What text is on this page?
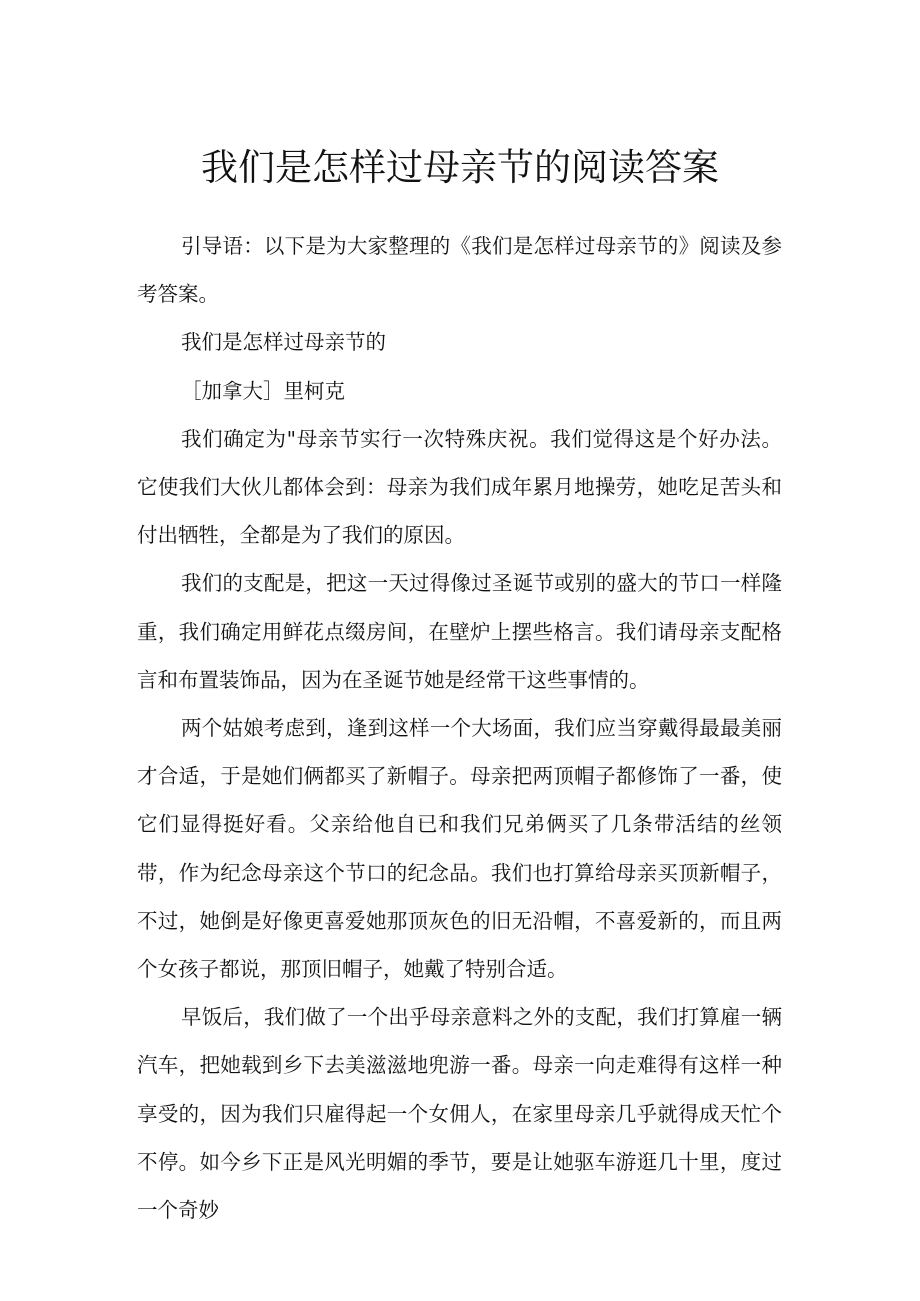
我们是怎样过母亲节的阅读答案

引导语：以下是为大家整理的《我们是怎样过母亲节的》阅读及参考答案。

我们是怎样过母亲节的

［加拿大］里柯克

我们确定为"母亲节实行一次特殊庆祝。我们觉得这是个好办法。它使我们大伙儿都体会到：母亲为我们成年累月地操劳，她吃足苦头和付出牺牲，全都是为了我们的原因。

我们的支配是，把这一天过得像过圣诞节或别的盛大的节口一样隆重，我们确定用鲜花点缀房间，在壁炉上摆些格言。我们请母亲支配格言和布置装饰品，因为在圣诞节她是经常干这些事情的。

两个姑娘考虑到，逢到这样一个大场面，我们应当穿戴得最最美丽才合适，于是她们俩都买了新帽子。母亲把两顶帽子都修饰了一番，使它们显得挺好看。父亲给他自已和我们兄弟俩买了几条带活结的丝领带，作为纪念母亲这个节口的纪念品。我们也打算给母亲买顶新帽子，不过，她倒是好像更喜爱她那顶灰色的旧无沿帽，不喜爱新的，而且两个女孩子都说，那顶旧帽子，她戴了特别合适。

早饭后，我们做了一个出乎母亲意料之外的支配，我们打算雇一辆汽车，把她载到乡下去美滋滋地兜游一番。母亲一向走难得有这样一种享受的，因为我们只雇得起一个女佣人，在家里母亲几乎就得成天忙个不停。如今乡下正是风光明媚的季节，要是让她驱车游逛几十里，度过一个奇妙
